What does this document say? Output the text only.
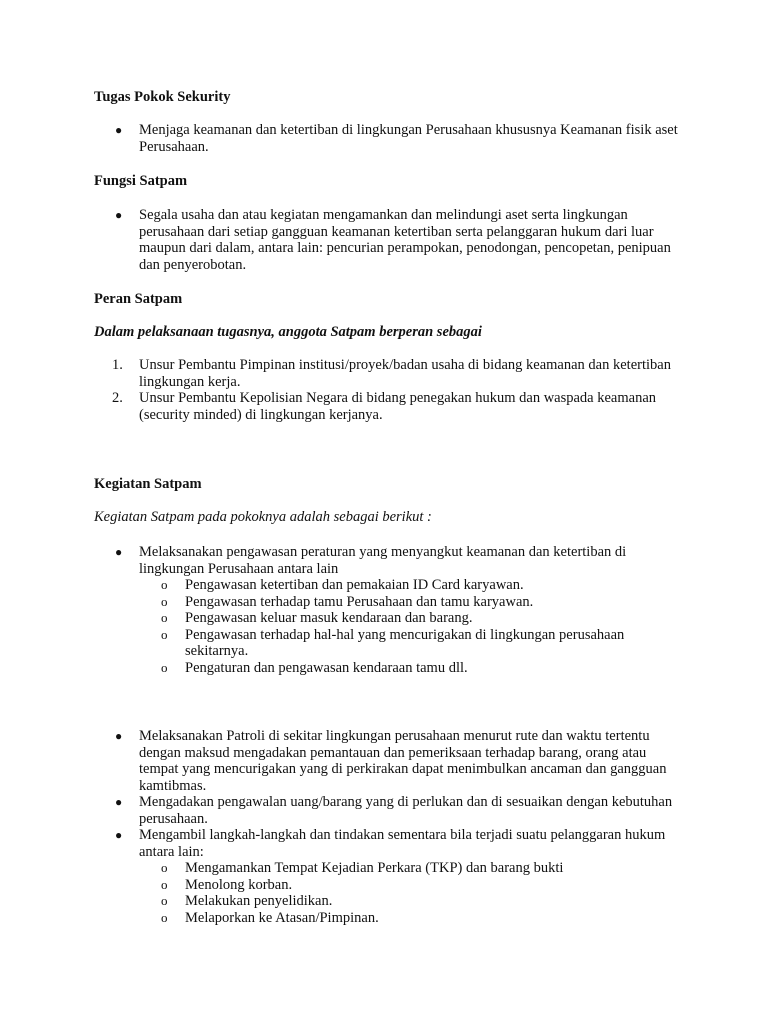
Tugas Pokok Sekurity
● Menjaga keamanan dan ketertiban di lingkungan Perusahaan khususnya Keamanan fisik aset Perusahaan.
Fungsi Satpam
● Segala usaha dan atau kegiatan mengamankan dan melindungi aset serta lingkungan perusahaan dari setiap gangguan keamanan ketertiban serta pelanggaran hukum dari luar maupun dari dalam, antara lain: pencurian perampokan, penodongan, pencopetan, penipuan dan penyerobotan.
Peran Satpam
Dalam pelaksanaan tugasnya, anggota Satpam berperan sebagai
1. Unsur Pembantu Pimpinan institusi/proyek/badan usaha di bidang keamanan dan ketertiban lingkungan kerja.
2. Unsur Pembantu Kepolisian Negara di bidang penegakan hukum dan waspada keamanan (security minded) di lingkungan kerjanya.
Kegiatan Satpam
Kegiatan Satpam pada pokoknya adalah sebagai berikut :
● Melaksanakan pengawasan peraturan yang menyangkut keamanan dan ketertiban di lingkungan Perusahaan antara lain
o Pengawasan ketertiban dan pemakaian ID Card karyawan.
o Pengawasan terhadap tamu Perusahaan dan tamu karyawan.
o Pengawasan keluar masuk kendaraan dan barang.
o Pengawasan terhadap hal-hal yang mencurigakan di lingkungan perusahaan sekitarnya.
o Pengaturan dan pengawasan kendaraan tamu dll.
● Melaksanakan Patroli di sekitar lingkungan perusahaan menurut rute dan waktu tertentu dengan maksud mengadakan pemantauan dan pemeriksaan terhadap barang, orang atau tempat yang mencurigakan yang di perkirakan dapat menimbulkan ancaman dan gangguan kamtibmas.
● Mengadakan pengawalan uang/barang yang di perlukan dan di sesuaikan dengan kebutuhan perusahaan.
● Mengambil langkah-langkah dan tindakan sementara bila terjadi suatu pelanggaran hukum antara lain:
o Mengamankan Tempat Kejadian Perkara (TKP) dan barang bukti
o Menolong korban.
o Melakukan penyelidikan.
o Melaporkan ke Atasan/Pimpinan.
